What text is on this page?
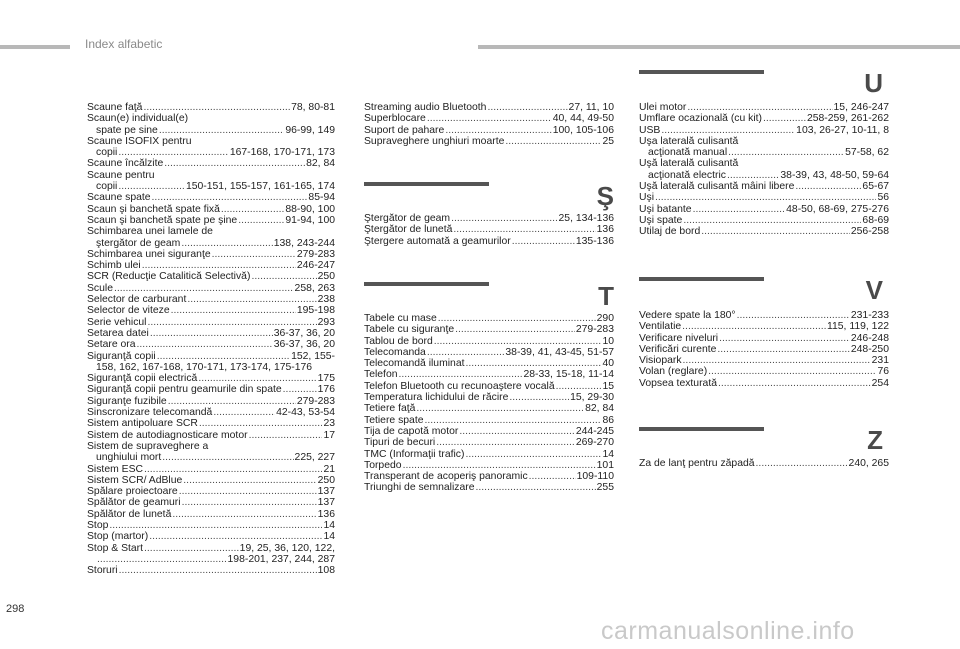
Index alfabetic
Scaune faţă .....	78, 80-81
Scaun(e) individual(e)
spate pe sine .....	96-99, 149
Scaune ISOFIX pentru
copii .....	167-168, 170-171, 173
Scaune încălzite .....	82, 84
Scaune pentru
copii .....	150-151, 155-157, 161-165, 174
Scaune spate .....	85-94
Scaun şi banchetă spate fixă .....	88-90, 100
Scaun şi banchetă spate pe şine .....	91-94, 100
Schimbarea unei lamele de
ştergător de geam .....	138, 243-244
Schimbarea unei siguranţe .....	279-283
Schimb ulei .....	246-247
SCR (Reducţie Catalitică Selectivă) .....	250
Scule .....	258, 263
Selector de carburant .....	238
Selector de viteze .....	195-198
Serie vehicul .....	293
Setarea datei .....	36-37, 36, 20
Setare ora .....	36-37, 36, 20
Siguranţă copii .....	152, 155-
158, 162, 167-168, 170-171, 173-174, 175-176
Siguranţă copii electrică .....	175
Siguranţă copii pentru geamurile din spate .....	176
Siguranţe fuzibile .....	279-283
Sinscronizare telecomandă .....	42-43, 53-54
Sistem antipoluare SCR .....	23
Sistem de autodiagnosticare motor .....	17
Sistem de supraveghere a
unghiului mort .....	225, 227
Sistem ESC .....	21
Sistem SCR/ AdBlue .....	250
Spălare proiectoare .....	137
Spălător de geamuri .....	137
Spălător de lunetă .....	136
Stop .....	14
Stop (martor) .....	14
Stop & Start .....	19, 25, 36, 120, 122,
.....
198-201, 237, 244, 287
Storuri .....	108
Streaming audio Bluetooth .....	27, 11, 10
Superblocare .....	40, 44, 49-50
Suport de pahare .....	100, 105-106
Supraveghere unghiuri moarte .....	25
Ş
Ştergător de geam .....	25, 134-136
Ştergător de lunetă .....	136
Ştergere automată a geamurilor .....	135-136
T
Tabele cu mase .....	290
Tabele cu siguranţe .....	279-283
Tablou de bord .....	10
Telecomanda .....	38-39, 41, 43-45, 51-57
Telecomandă iluminat .....	40
Telefon .....	28-33, 15-18, 11-14
Telefon Bluetooth cu recunoaştere vocală .....	15
Temperatura lichidului de răcire .....	15, 29-30
Tetiere faţă .....	82, 84
Tetiere spate .....	86
Tija de capotă motor .....	244-245
Tipuri de becuri .....	269-270
TMC (Informaţii trafic) .....	14
Torpedo .....	101
Transperant de acoperiş panoramic .....	109-110
Triunghi de semnalizare .....	255
U
Ulei motor .....	15, 246-247
Umflare ocazională (cu kit) .....	258-259, 261-262
USB .....	103, 26-27, 10-11, 8
Uşa laterală culisantă
acţionată manual .....	57-58, 62
Uşă laterală culisantă
acţionată electric .....	38-39, 43, 48-50, 59-64
Uşă laterală culisantă mâini libere .....	65-67
Uşi .....	56
Uşi batante .....	48-50, 68-69, 275-276
Uşi spate .....	68-69
Utilaj de bord .....	256-258
V
Vedere spate la 180° .....	231-233
Ventilatie .....	115, 119, 122
Verificare niveluri .....	246-248
Verificări curente .....	248-250
Visiopark .....	231
Volan (reglare) .....	76
Vopsea texturată .....	254
Z
Za de lanţ pentru zăpadă .....	240, 265
298
carmanualsonline.info
